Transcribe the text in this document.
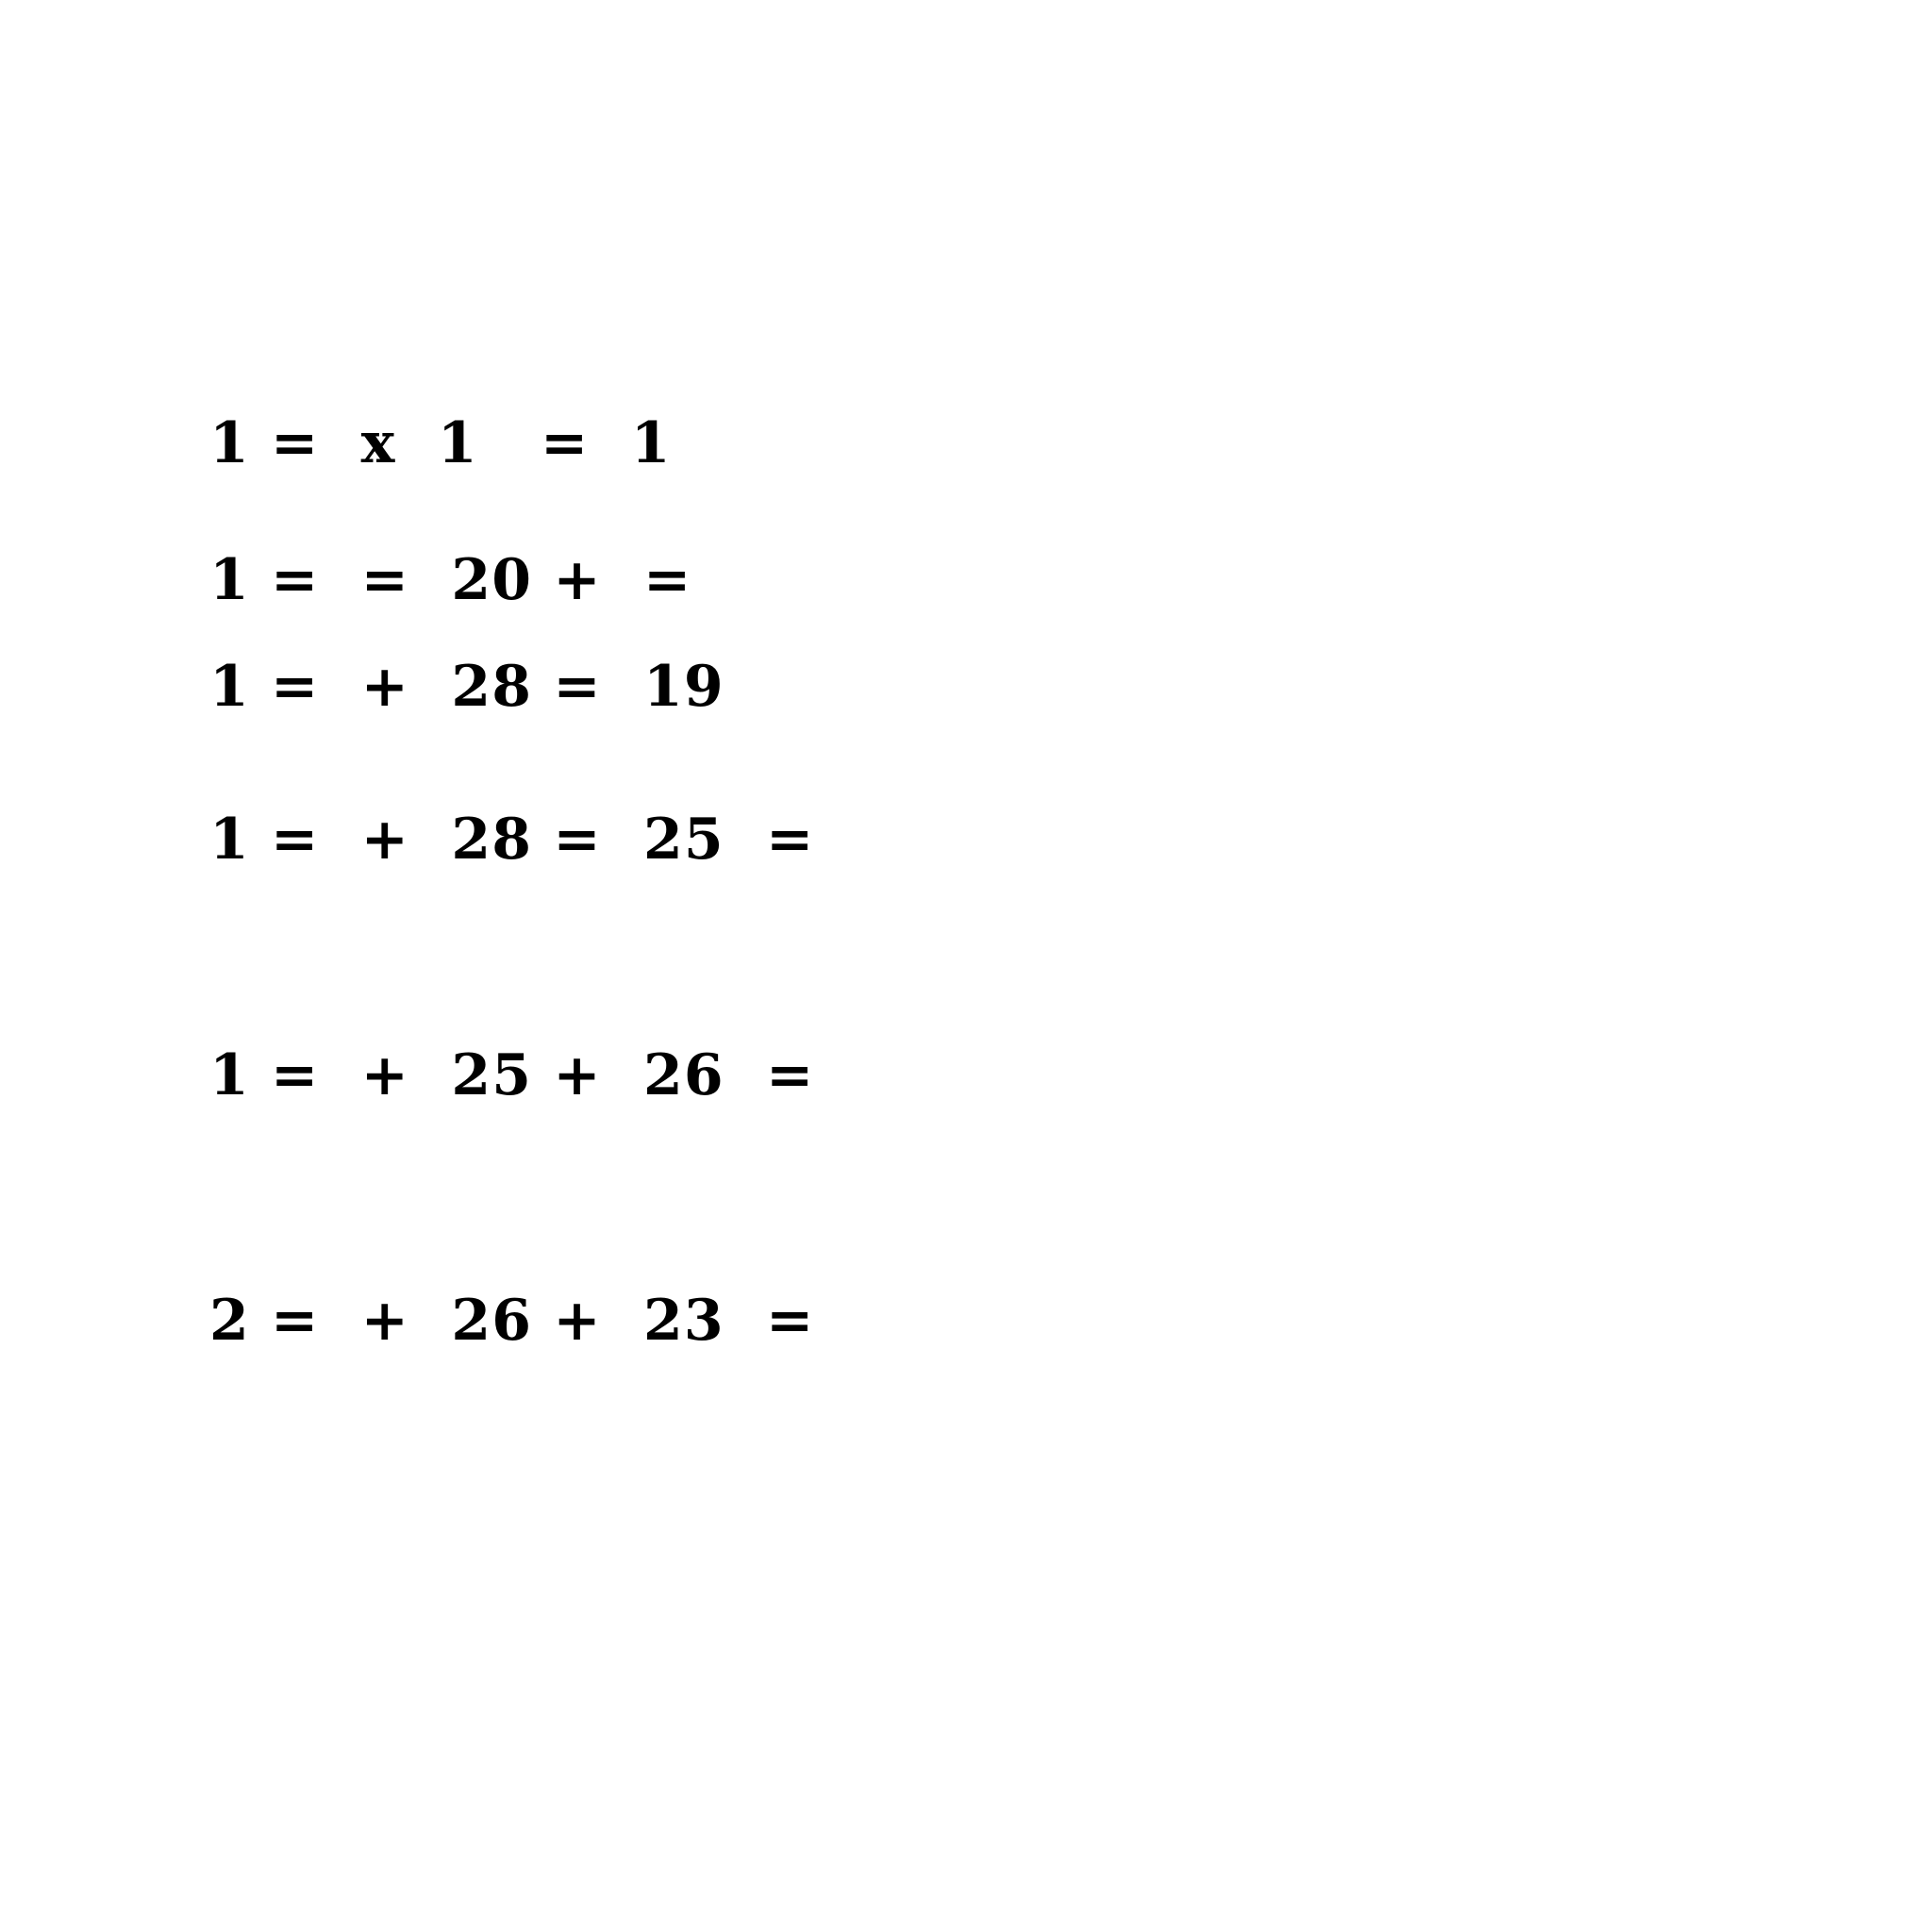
1 =  x  1   =  1
1 =  =  20 +  =
1 =  +  28 =  19
1 =  +  28 =  25  =
1 =  +  25 +  26  =
2 =  +  26 +  23  =
